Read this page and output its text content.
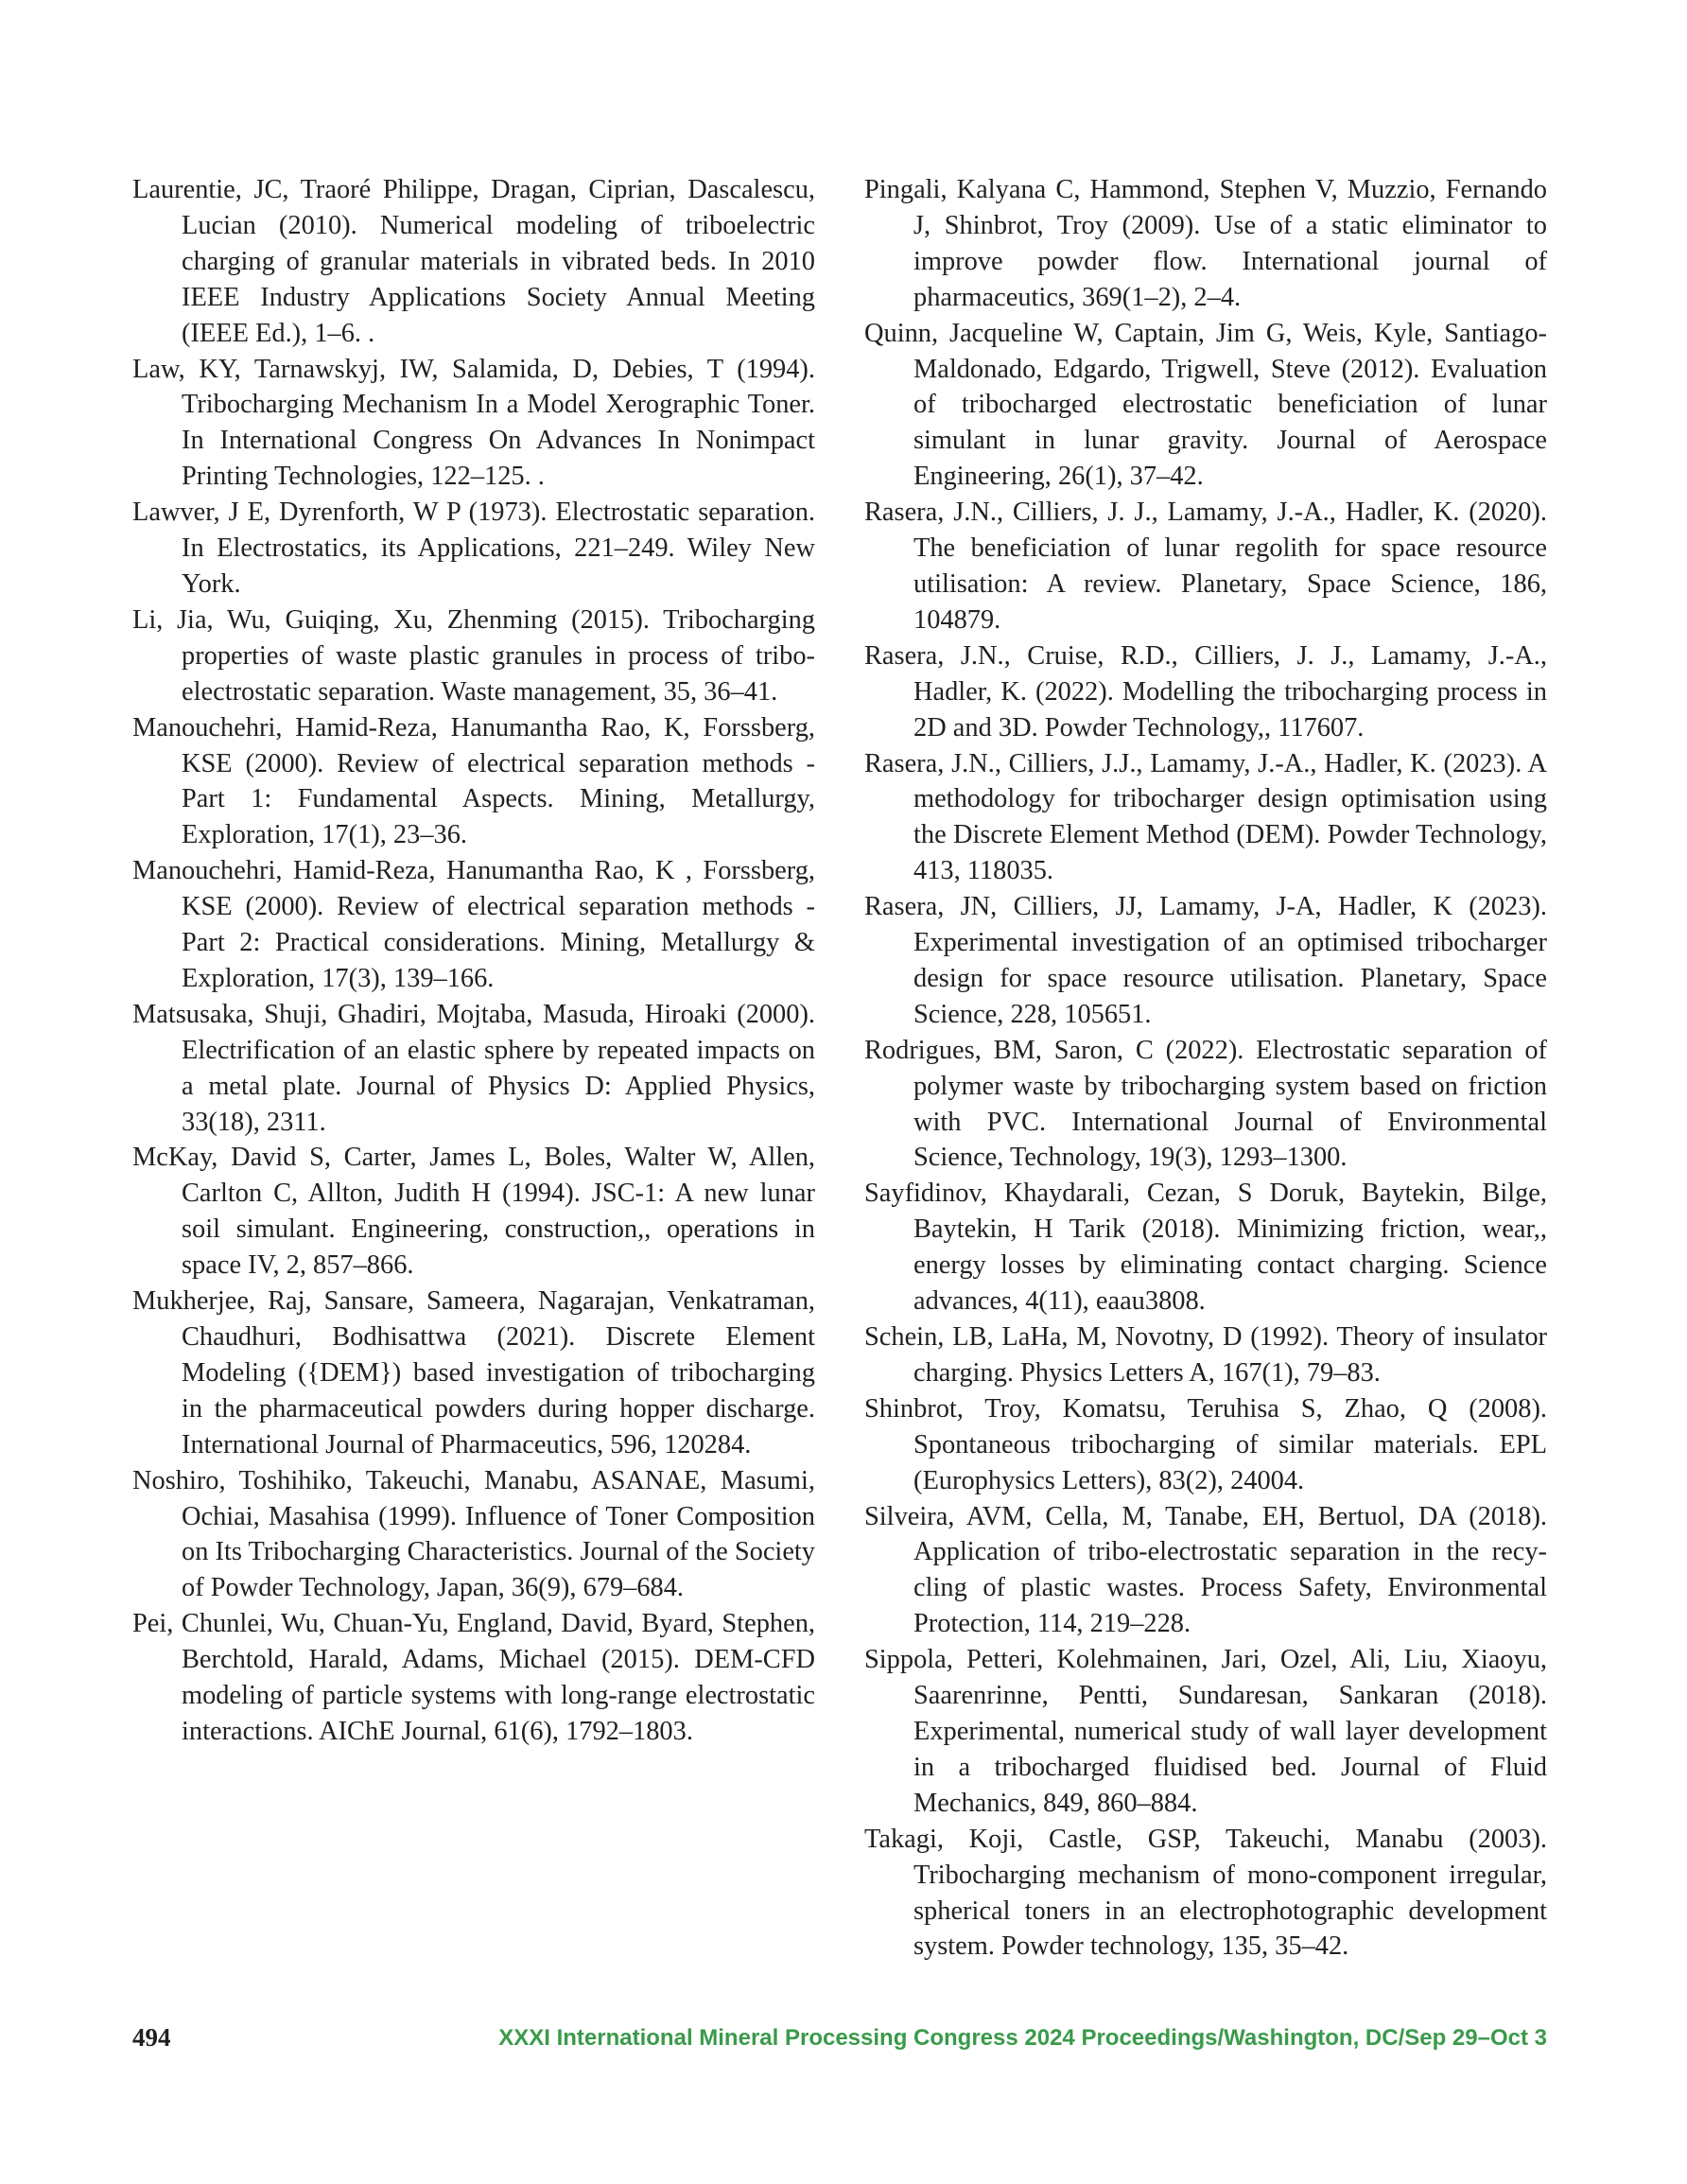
Laurentie, JC, Traoré Philippe, Dragan, Ciprian, Dascalescu, Lucian (2010). Numerical modeling of triboelectric charging of granular materials in vibrated beds. In 2010 IEEE Industry Applications Society Annual Meeting (IEEE Ed.), 1–6. .
Law, KY, Tarnawskyj, IW, Salamida, D, Debies, T (1994). Tribocharging Mechanism In a Model Xerographic Toner. In International Congress On Advances In Nonimpact Printing Technologies, 122–125. .
Lawver, J E, Dyrenforth, W P (1973). Electrostatic separation. In Electrostatics, its Applications, 221–249. Wiley New York.
Li, Jia, Wu, Guiqing, Xu, Zhenming (2015). Tribocharging properties of waste plastic granules in process of tribo-electrostatic separation. Waste management, 35, 36–41.
Manouchehri, Hamid-Reza, Hanumantha Rao, K, Forssberg, KSE (2000). Review of electrical separation methods - Part 1: Fundamental Aspects. Mining, Metallurgy, Exploration, 17(1), 23–36.
Manouchehri, Hamid-Reza, Hanumantha Rao, K , Forssberg, KSE (2000). Review of electrical separation methods - Part 2: Practical considerations. Mining, Metallurgy & Exploration, 17(3), 139–166.
Matsusaka, Shuji, Ghadiri, Mojtaba, Masuda, Hiroaki (2000). Electrification of an elastic sphere by repeated impacts on a metal plate. Journal of Physics D: Applied Physics, 33(18), 2311.
McKay, David S, Carter, James L, Boles, Walter W, Allen, Carlton C, Allton, Judith H (1994). JSC-1: A new lunar soil simulant. Engineering, construction,, operations in space IV, 2, 857–866.
Mukherjee, Raj, Sansare, Sameera, Nagarajan, Venkatraman, Chaudhuri, Bodhisattwa (2021). Discrete Element Modeling ({DEM}) based investigation of tribocharging in the pharmaceutical powders during hopper discharge. International Journal of Pharmaceutics, 596, 120284.
Noshiro, Toshihiko, Takeuchi, Manabu, ASANAE, Masumi, Ochiai, Masahisa (1999). Influence of Toner Composition on Its Tribocharging Characteristics. Journal of the Society of Powder Technology, Japan, 36(9), 679–684.
Pei, Chunlei, Wu, Chuan-Yu, England, David, Byard, Stephen, Berchtold, Harald, Adams, Michael (2015). DEM-CFD modeling of particle systems with long-range electrostatic interactions. AIChE Journal, 61(6), 1792–1803.
Pingali, Kalyana C, Hammond, Stephen V, Muzzio, Fernando J, Shinbrot, Troy (2009). Use of a static eliminator to improve powder flow. International journal of pharmaceutics, 369(1–2), 2–4.
Quinn, Jacqueline W, Captain, Jim G, Weis, Kyle, Santiago-Maldonado, Edgardo, Trigwell, Steve (2012). Evaluation of tribocharged electrostatic beneficiation of lunar simulant in lunar gravity. Journal of Aerospace Engineering, 26(1), 37–42.
Rasera, J.N., Cilliers, J. J., Lamamy, J.-A., Hadler, K. (2020). The beneficiation of lunar regolith for space resource utilisation: A review. Planetary, Space Science, 186, 104879.
Rasera, J.N., Cruise, R.D., Cilliers, J. J., Lamamy, J.-A., Hadler, K. (2022). Modelling the tribocharging process in 2D and 3D. Powder Technology,, 117607.
Rasera, J.N., Cilliers, J.J., Lamamy, J.-A., Hadler, K. (2023). A methodology for tribocharger design optimisation using the Discrete Element Method (DEM). Powder Technology, 413, 118035.
Rasera, JN, Cilliers, JJ, Lamamy, J-A, Hadler, K (2023). Experimental investigation of an optimised tribocharger design for space resource utilisation. Planetary, Space Science, 228, 105651.
Rodrigues, BM, Saron, C (2022). Electrostatic separation of polymer waste by tribocharging system based on friction with PVC. International Journal of Environmental Science, Technology, 19(3), 1293–1300.
Sayfidinov, Khaydarali, Cezan, S Doruk, Baytekin, Bilge, Baytekin, H Tarik (2018). Minimizing friction, wear,, energy losses by eliminating contact charging. Science advances, 4(11), eaau3808.
Schein, LB, LaHa, M, Novotny, D (1992). Theory of insulator charging. Physics Letters A, 167(1), 79–83.
Shinbrot, Troy, Komatsu, Teruhisa S, Zhao, Q (2008). Spontaneous tribocharging of similar materials. EPL (Europhysics Letters), 83(2), 24004.
Silveira, AVM, Cella, M, Tanabe, EH, Bertuol, DA (2018). Application of tribo-electrostatic separation in the recycling of plastic wastes. Process Safety, Environmental Protection, 114, 219–228.
Sippola, Petteri, Kolehmainen, Jari, Ozel, Ali, Liu, Xiaoyu, Saarenrinne, Pentti, Sundaresan, Sankaran (2018). Experimental, numerical study of wall layer development in a tribocharged fluidised bed. Journal of Fluid Mechanics, 849, 860–884.
Takagi, Koji, Castle, GSP, Takeuchi, Manabu (2003). Tribocharging mechanism of mono-component irregular, spherical toners in an electrophotographic development system. Powder technology, 135, 35–42.
494	XXXI International Mineral Processing Congress 2024 Proceedings/Washington, DC/Sep 29–Oct 3
